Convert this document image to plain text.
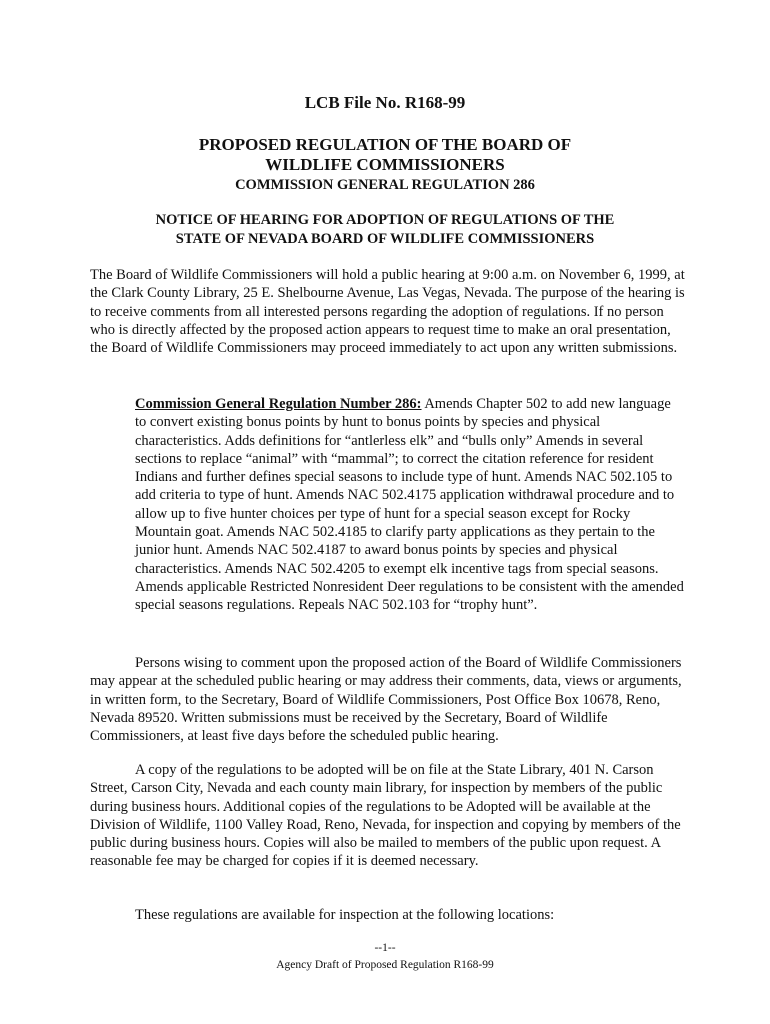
LCB File No. R168-99
PROPOSED REGULATION OF THE BOARD OF
WILDLIFE COMMISSIONERS
COMMISSION GENERAL REGULATION 286
NOTICE OF HEARING FOR ADOPTION OF REGULATIONS OF THE
STATE OF NEVADA BOARD OF WILDLIFE COMMISSIONERS
The Board of Wildlife Commissioners will hold a public hearing at 9:00 a.m. on November 6, 1999, at the Clark County Library, 25 E. Shelbourne Avenue, Las Vegas, Nevada. The purpose of the hearing is to receive comments from all interested persons regarding the adoption of regulations. If no person who is directly affected by the proposed action appears to request time to make an oral presentation, the Board of Wildlife Commissioners may proceed immediately to act upon any written submissions.
Commission General Regulation Number 286: Amends Chapter 502 to add new language to convert existing bonus points by hunt to bonus points by species and physical characteristics. Adds definitions for “antlerless elk” and “bulls only” Amends in several sections to replace “animal” with “mammal”; to correct the citation reference for resident Indians and further defines special seasons to include type of hunt. Amends NAC 502.105 to add criteria to type of hunt. Amends NAC 502.4175 application withdrawal procedure and to allow up to five hunter choices per type of hunt for a special season except for Rocky Mountain goat. Amends NAC 502.4185 to clarify party applications as they pertain to the junior hunt. Amends NAC 502.4187 to award bonus points by species and physical characteristics. Amends NAC 502.4205 to exempt elk incentive tags from special seasons. Amends applicable Restricted Nonresident Deer regulations to be consistent with the amended special seasons regulations. Repeals NAC 502.103 for “trophy hunt”.
Persons wising to comment upon the proposed action of the Board of Wildlife Commissioners may appear at the scheduled public hearing or may address their comments, data, views or arguments, in written form, to the Secretary, Board of Wildlife Commissioners, Post Office Box 10678, Reno, Nevada 89520. Written submissions must be received by the Secretary, Board of Wildlife Commissioners, at least five days before the scheduled public hearing.
A copy of the regulations to be adopted will be on file at the State Library, 401 N. Carson Street, Carson City, Nevada and each county main library, for inspection by members of the public during business hours. Additional copies of the regulations to be Adopted will be available at the Division of Wildlife, 1100 Valley Road, Reno, Nevada, for inspection and copying by members of the public during business hours. Copies will also be mailed to members of the public upon request. A reasonable fee may be charged for copies if it is deemed necessary.
These regulations are available for inspection at the following locations:
--1--
Agency Draft of Proposed Regulation R168-99
